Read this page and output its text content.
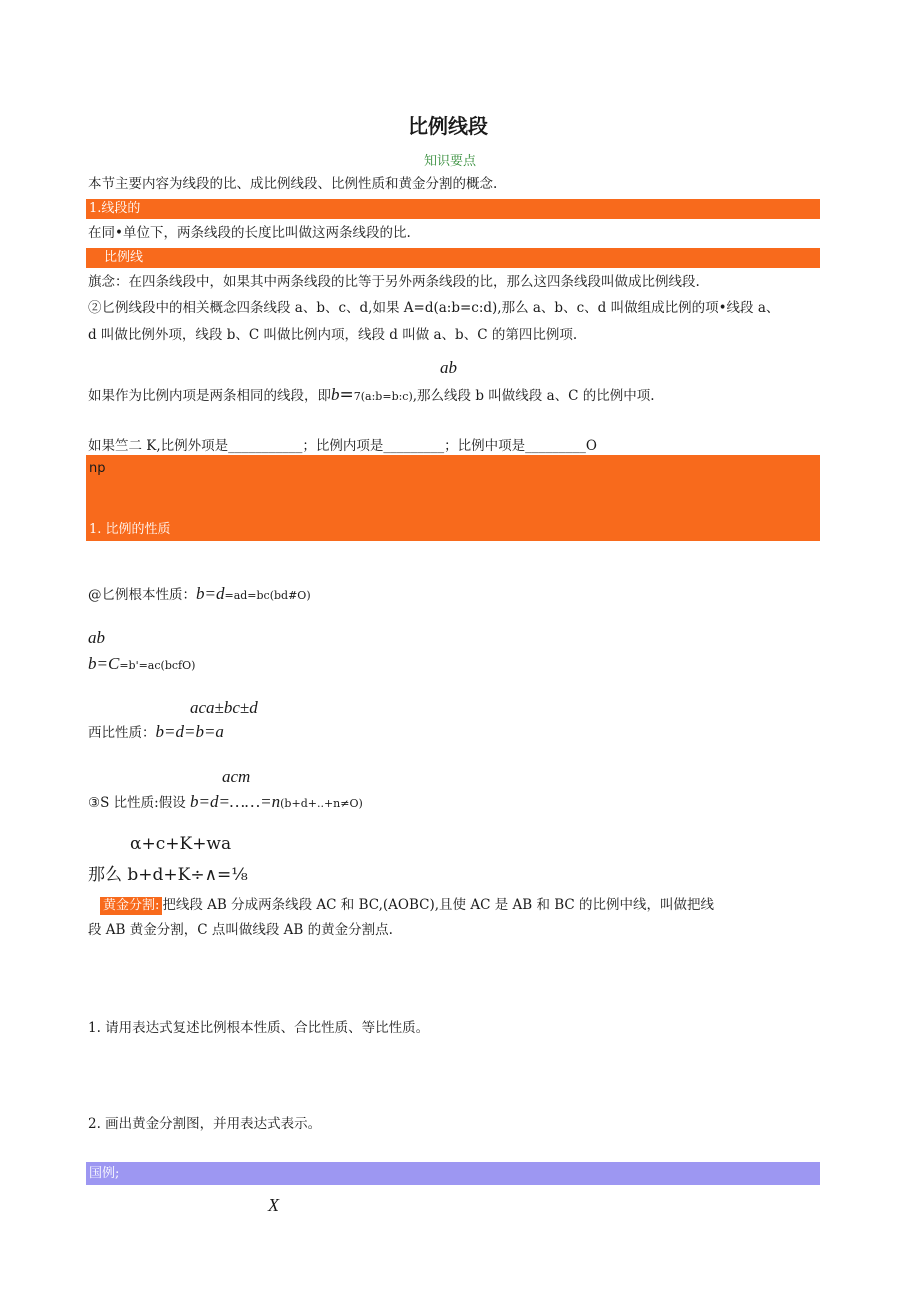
比例线段
知识要点
本节主要内容为线段的比、成比例线段、比例性质和黄金分割的概念.
1.线段的
在同•单位下，两条线段的长度比叫做这两条线段的比.
比例线
旗念：在四条线段中，如果其中两条线段的比等于另外两条线段的比，那么这四条线段叫做成比例线段.
②匕例线段中的相关概念四条线段 a、b、c、d,如果 A=d(a:b=c:d),那么 a、b、c、d 叫做组成比例的项•线段 a、
d 叫做比例外项，线段 b、C 叫做比例内项，线段 d 叫做 a、b、C 的第四比例项.
ab
如果作为比例内项是两条相同的线段，即b=7(a:b=b:c),那么线段 b 叫做线段 a、C 的比例中项.
如果竺二 K,比例外项是___________；比例内项是_________；比例中项是_________O
np
1. 比例的性质
@匕例根本性质：b=d=ad=bc(bd#O)
ab
b=C=b'=ac(bcfO)
aca±bc±d
西比性质：b=d=b=a
acm
③S 比性质:假设 b=d=……=n(b+d+..+n≠O)
α+c+K+wa
那么 b+d+K÷∧=⅛
黄金分割: 把线段 AB 分成两条线段 AC 和 BC,(AOBC),且使 AC 是 AB 和 BC 的比例中线，叫做把线
段 AB 黄金分割，C 点叫做线段 AB 的黄金分割点.
1. 请用表达式复述比例根本性质、合比性质、等比性质。
2. 画出黄金分割图，并用表达式表示。
国例;
X
